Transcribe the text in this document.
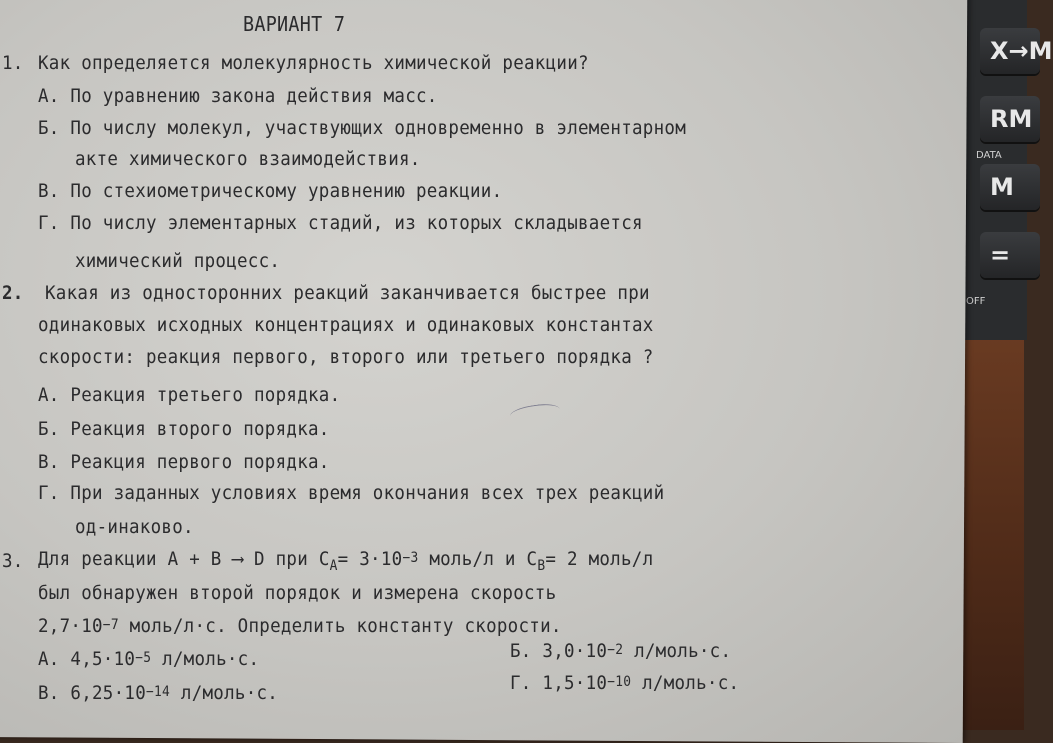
X→M
RM
DATA
M
=
OFF
ВАРИАНТ 7
1. Как определяется молекулярность химической реакции?
А. По уравнению закона действия масс.
Б. По числу молекул, участвующих одновременно в элементарном
акте химического взаимодействия.
В. По стехиометрическому уравнению реакции.
Г. По числу элементарных стадий, из которых складывается
химический процесс.
2. Какая из односторонних реакций заканчивается быстрее при
одинаковых исходных концентрациях и одинаковых константах
скорости: реакция первого, второго или третьего порядка ?
А. Реакция третьего порядка.
Б. Реакция второго порядка.
В. Реакция первого порядка.
Г. При заданных условиях время окончания всех трех реакций
од-инаково.
3. Для реакции А + В ⟶ D при $C_A= 3\cdot 10^{-3}$ моль/л и $C_B= 2$ моль/л
был обнаружен второй порядок и измерена скорость
$2,7\cdot 10^{-7}$ моль/л·с. Определить константу скорости.
А. $4,5\cdot 10^{-5}$ л/моль·с.	Б. $3,0\cdot 10^{-2}$ л/моль·с.
В. $6,25\cdot 10^{-14}$ л/моль·с.	Г. $1,5\cdot 10^{-10}$ л/моль·с.
